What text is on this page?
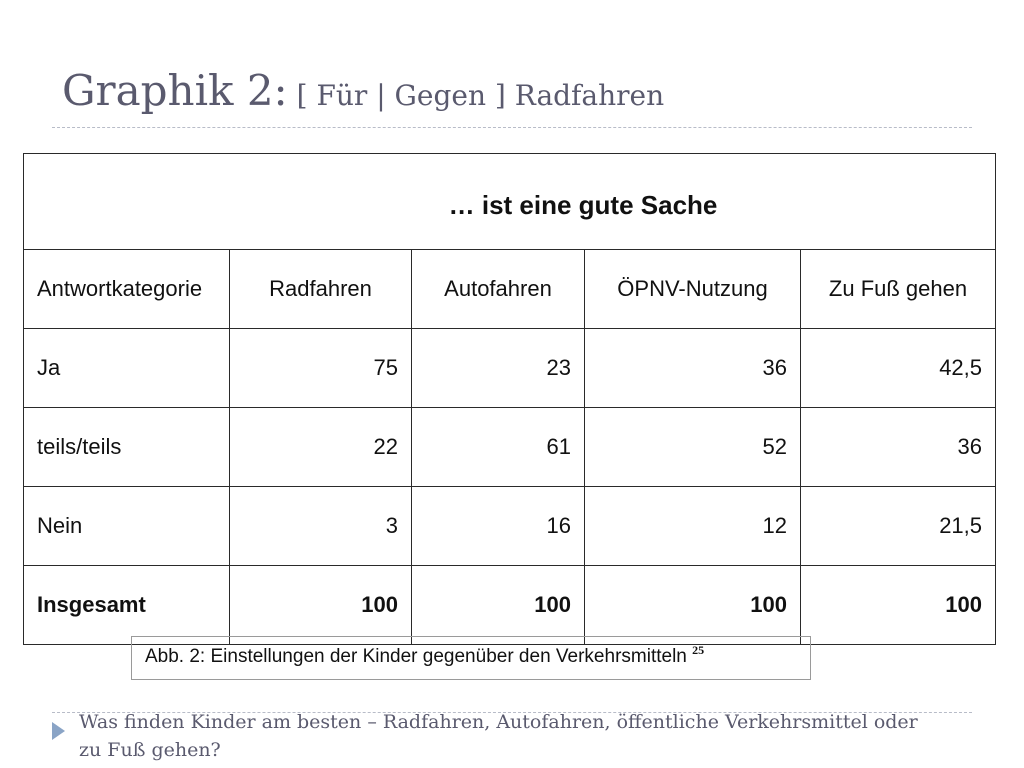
Graphik 2: [ Für | Gegen ] Radfahren
… ist eine gute Sache				
Antwortkategorie	Radfahren	Autofahren	ÖPNV-Nutzung	Zu Fuß gehen
Ja	75	23	36	42,5
teils/teils	22	61	52	36
Nein	3	16	12	21,5
Insgesamt	100	100	100	100
Abb. 2: Einstellungen der Kinder gegenüber den Verkehrsmitteln $^{25}$

Was finden Kinder am besten – Radfahren, Autofahren, öffentliche Verkehrsmittel oder zu Fuß gehen?
